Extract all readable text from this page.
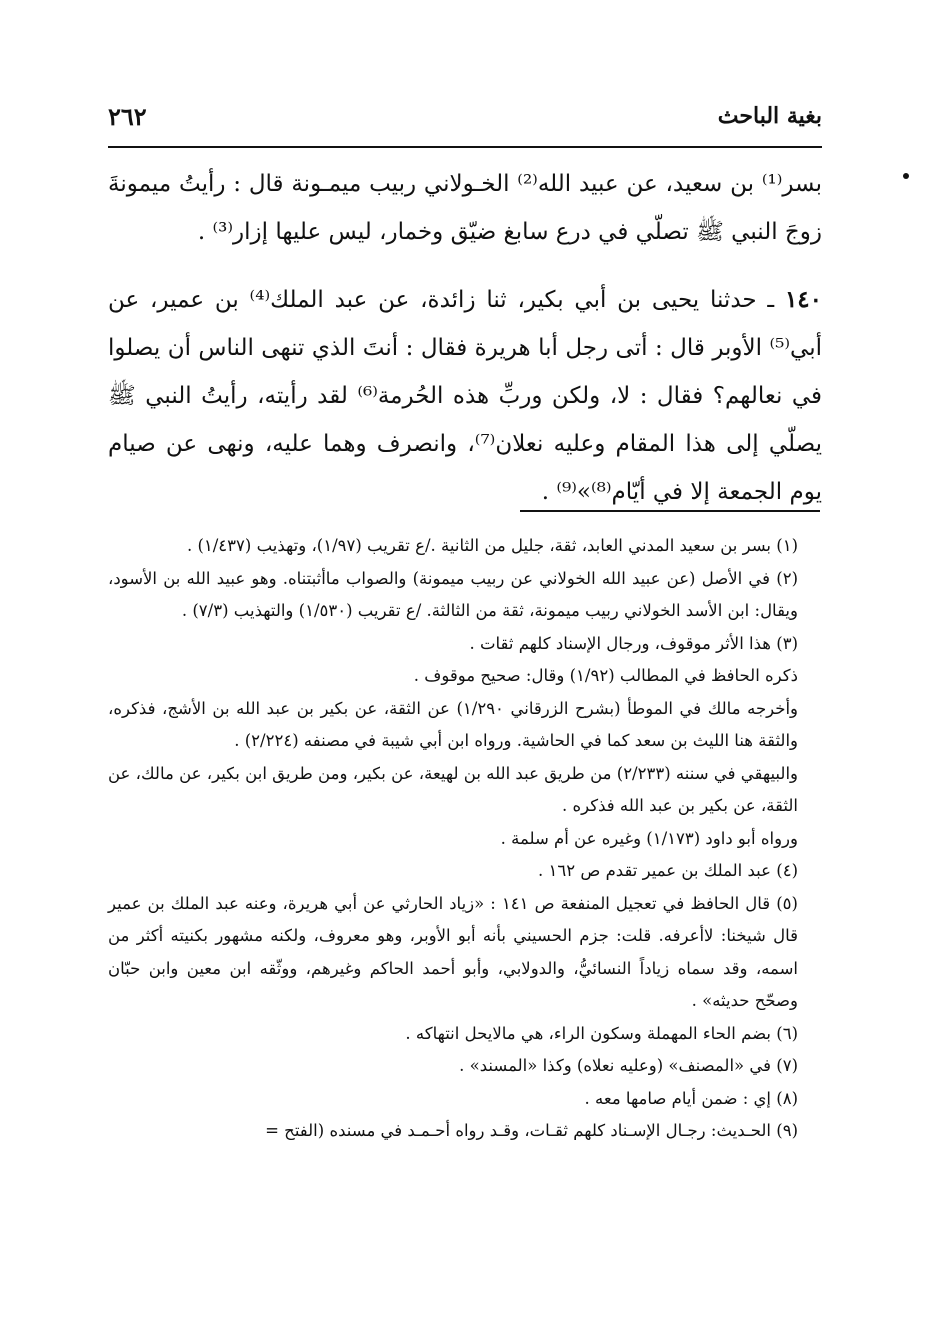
بغية الباحث
٢٦٢

بسر⁽¹⁾ بن سعيد، عن عبيد الله⁽²⁾ الخـولاني ربيب ميمـونة قال : رأيتُ ميمونةَ زوجَ النبي ﷺ تصلّي في درع سابغ ضيّق وخمار، ليس عليها إزار⁽³⁾ .

١٤٠ ـ حدثنا يحيى بن أبي بكير، ثنا زائدة، عن عبد الملك⁽⁴⁾ بن عمير، عن أبي⁽⁵⁾ الأوبر قال : أتى رجل أبا هريرة فقال : أنتَ الذي تنهى الناس أن يصلوا في نعالهم؟ فقال : لا، ولكن وربِّ هذه الحُرمة⁽⁶⁾ لقد رأيته، رأيتُ النبي ﷺ يصلّي إلى هذا المقام وعليه نعلان⁽⁷⁾، وانصرف وهما عليه، ونهى عن صيام يوم الجمعة إلا في أيّام⁽⁸⁾»⁽⁹⁾ .

(١) بسر بن سعيد المدني العابد، ثقة، جليل من الثانية ./ع تقريب (١/٩٧)، وتهذيب (١/٤٣٧) .

(٢) في الأصل (عن عبيد الله الخولاني عن ربيب ميمونة) والصواب ماأثبتناه. وهو عبيد الله بن الأسود، ويقال: ابن الأسد الخولاني ربيب ميمونة، ثقة من الثالثة. /ع تقريب (١/٥٣٠) والتهذيب (٧/٣) .

(٣) هذا الأثر موقوف، ورجال الإسناد كلهم ثقات .

ذكره الحافظ في المطالب (١/٩٢) وقال: صحيح موقوف .

وأخرجه مالك في الموطأ (بشرح الزرقاني ١/٢٩٠) عن الثقة، عن بكير بن عبد الله بن الأشج، فذكره، والثقة هنا الليث بن سعد كما في الحاشية. ورواه ابن أبي شيبة في مصنفه (٢/٢٢٤) .

والبيهقي في سننه (٢/٢٣٣) من طريق عبد الله بن لهيعة، عن بكير، ومن طريق ابن بكير، عن مالك، عن الثقة، عن بكير بن عبد الله فذكره .

ورواه أبو داود (١/١٧٣) وغيره عن أم سلمة .

(٤) عبد الملك بن عمير تقدم ص ١٦٢ .

(٥) قال الحافظ في تعجيل المنفعة ص ١٤١ : «زياد الحارثي عن أبي هريرة، وعنه عبد الملك بن عمير قال شيخنا: لاأعرفه. قلت: جزم الحسيني بأنه أبو الأوبر، وهو معروف، ولكنه مشهور بكنيته أكثر من اسمه، وقد سماه زياداً النسائيُّ، والدولابي، وأبو أحمد الحاكم وغيرهم، ووثّقه ابن معين وابن حبّان وصحّح حديثه» .

(٦) بضم الحاء المهملة وسكون الراء، هي مالايحل انتهاكه .

(٧) في «المصنف» (وعليه نعلاه) وكذا «المسند» .

(٨) إي : ضمن أيام صامها معه .

(٩) الحـديث: رجـال الإسـناد كلهم ثقـات، وقـد رواه أحـمـد في مسنده (الفتح =
